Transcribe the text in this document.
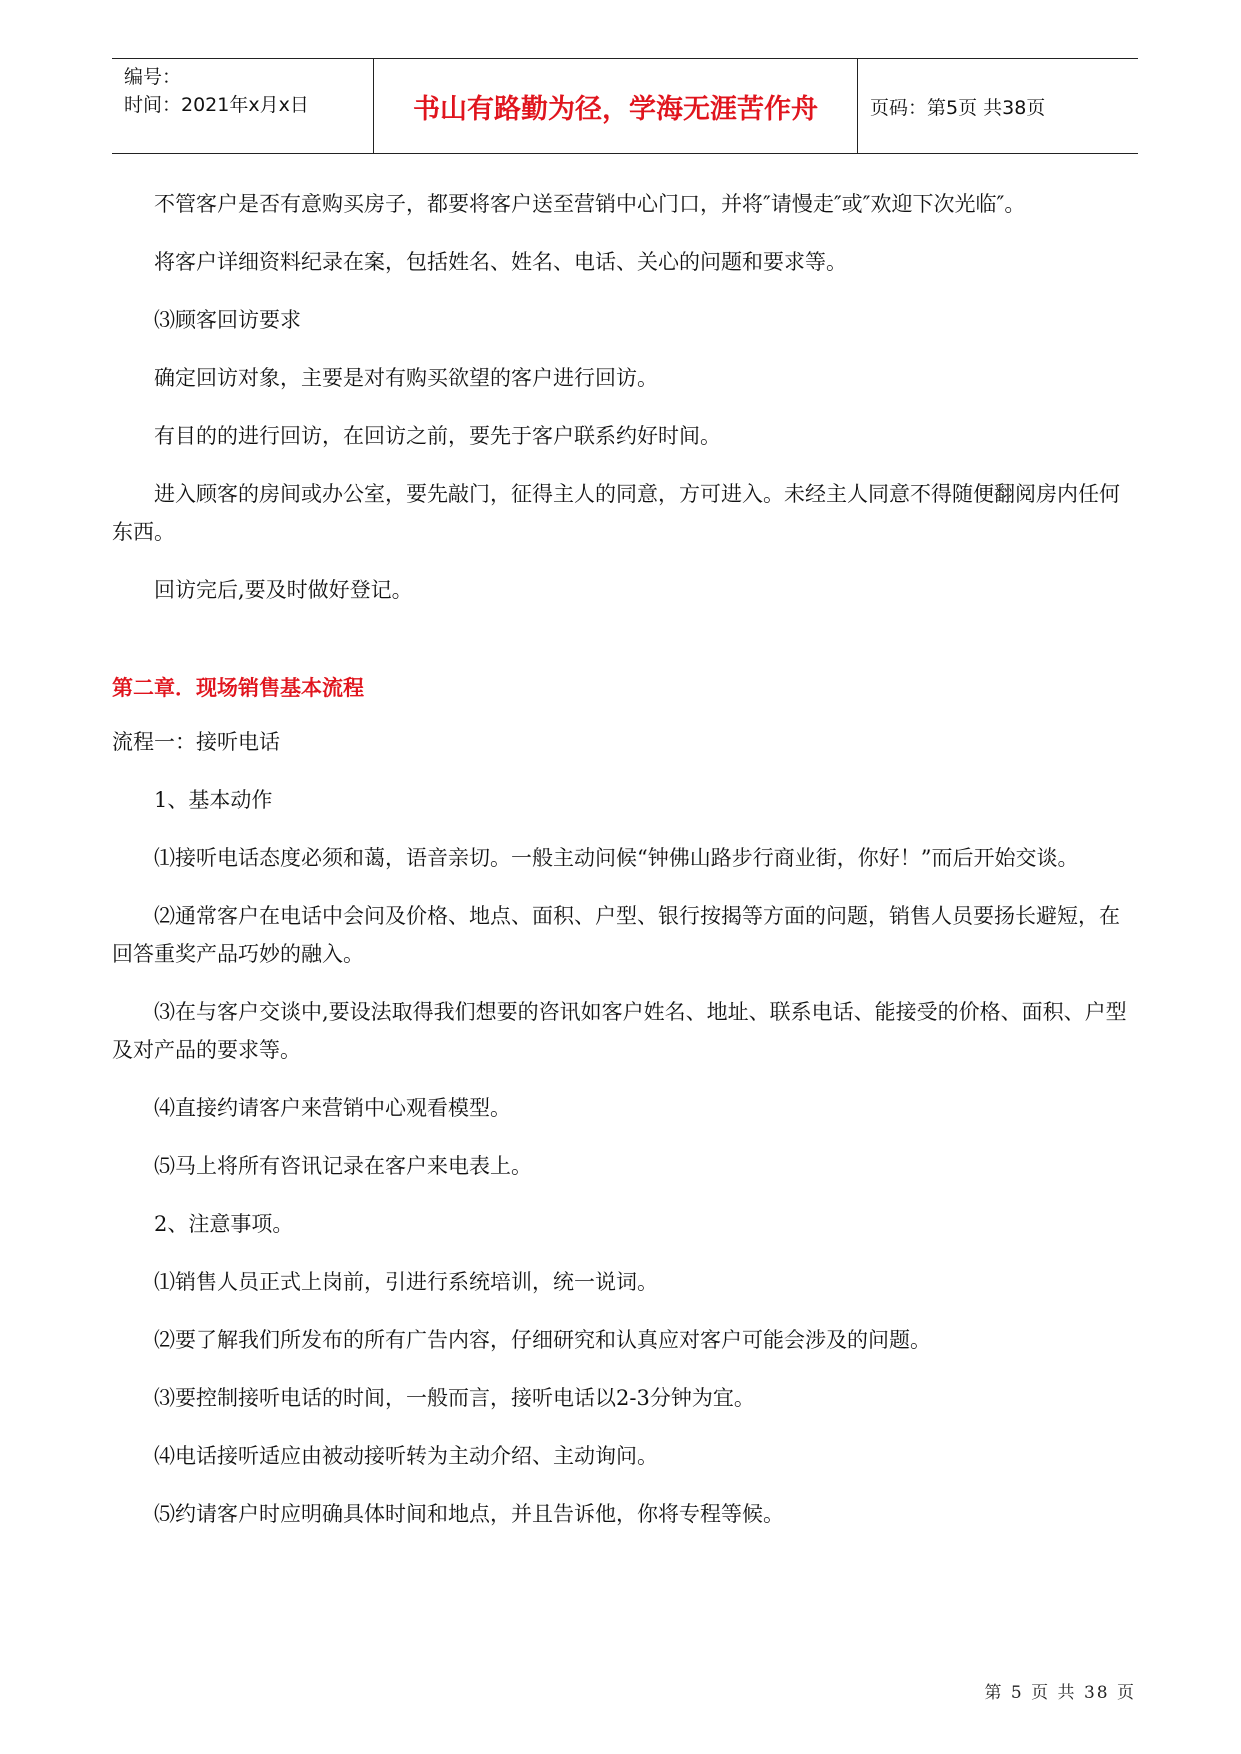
编号：
时间：2021年x月x日	书山有路勤为径，学海无涯苦作舟	页码：第5页 共38页

不管客户是否有意购买房子，都要将客户送至营销中心门口，并将″请慢走″或″欢迎下次光临″。

将客户详细资料纪录在案，包括姓名、姓名、电话、关心的问题和要求等。

⑶顾客回访要求

确定回访对象，主要是对有购买欲望的客户进行回访。

有目的的进行回访，在回访之前，要先于客户联系约好时间。

进入顾客的房间或办公室，要先敲门，征得主人的同意，方可进入。未经主人同意不得随便翻阅房内任何东西。

回访完后,要及时做好登记。

第二章．现场销售基本流程

流程一：接听电话

1、基本动作

⑴接听电话态度必须和蔼，语音亲切。一般主动问候“钟佛山路步行商业街，你好！”而后开始交谈。

⑵通常客户在电话中会问及价格、地点、面积、户型、银行按揭等方面的问题，销售人员要扬长避短，在回答重奖产品巧妙的融入。

⑶在与客户交谈中,要设法取得我们想要的咨讯如客户姓名、地址、联系电话、能接受的价格、面积、户型及对产品的要求等。

⑷直接约请客户来营销中心观看模型。

⑸马上将所有咨讯记录在客户来电表上。

2、注意事项。

⑴销售人员正式上岗前，引进行系统培训，统一说词。

⑵要了解我们所发布的所有广告内容，仔细研究和认真应对客户可能会涉及的问题。

⑶要控制接听电话的时间，一般而言，接听电话以2-3分钟为宜。

⑷电话接听适应由被动接听转为主动介绍、主动询问。

⑸约请客户时应明确具体时间和地点，并且告诉他，你将专程等候。

第 5 页 共 38 页
